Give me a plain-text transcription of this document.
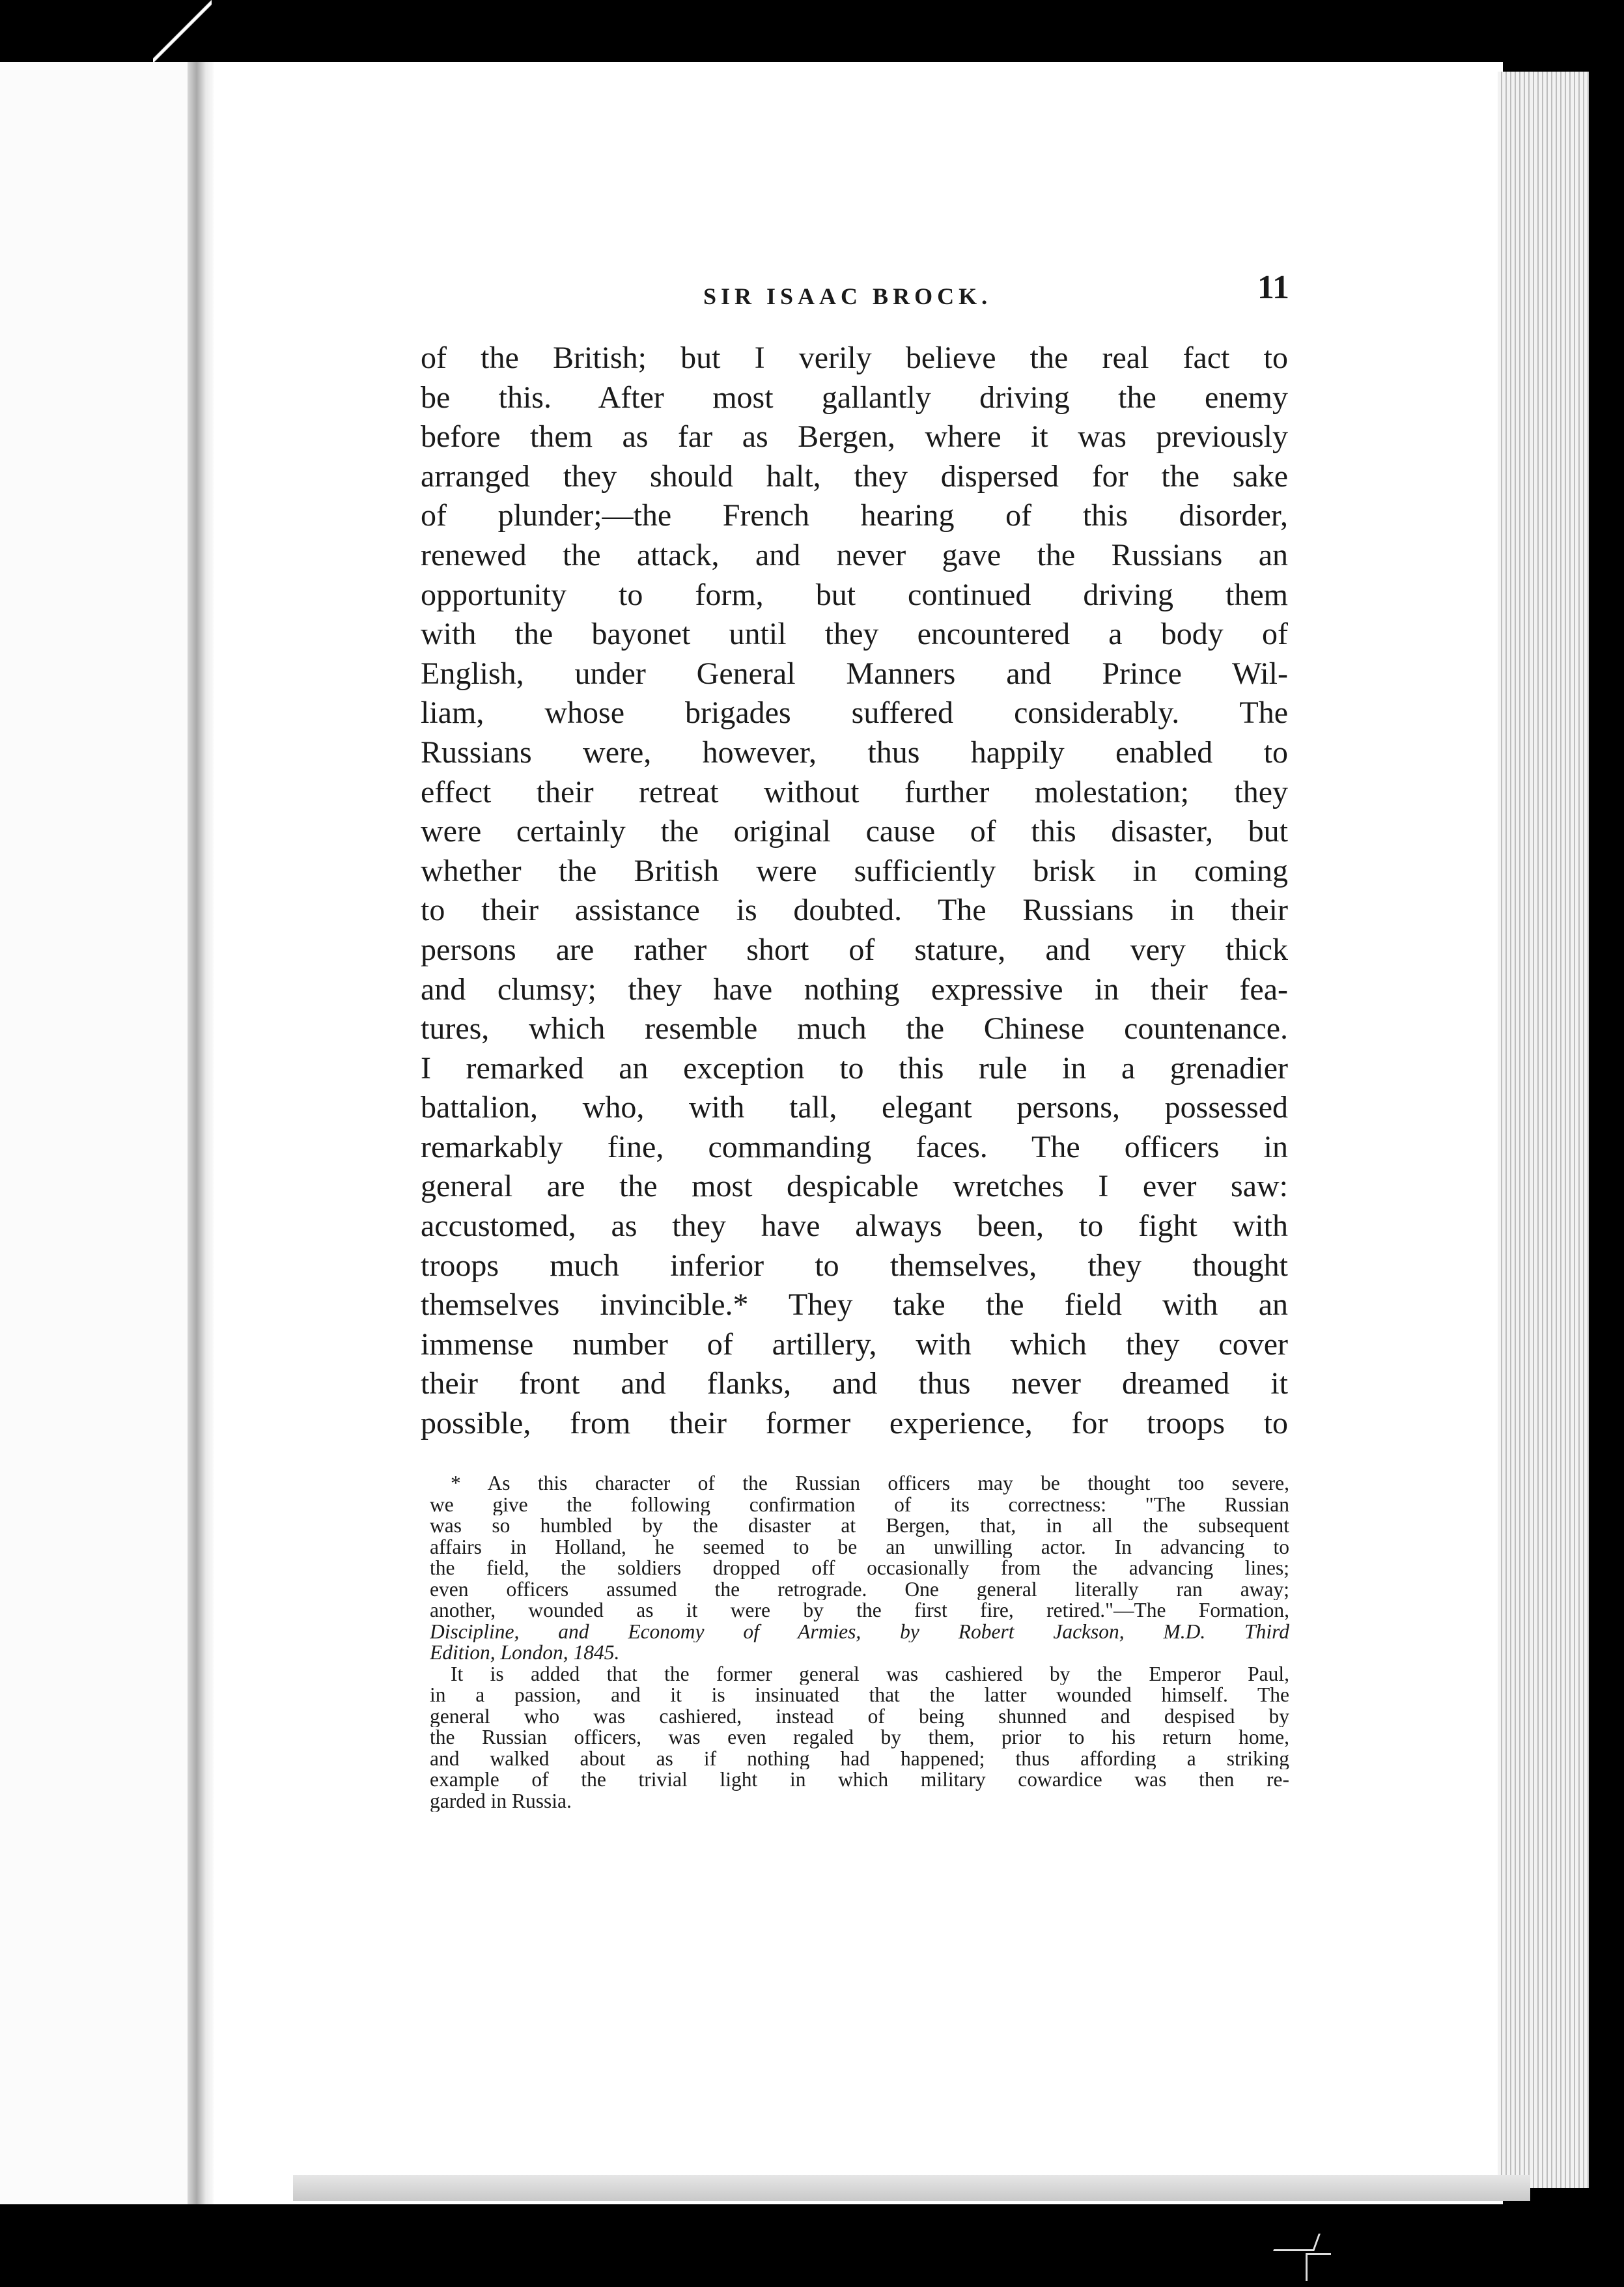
SIR ISAAC BROCK.	11
of the British; but I verily believe the real fact to
be this. After most gallantly driving the enemy
before them as far as Bergen, where it was previously
arranged they should halt, they dispersed for the sake
of plunder;—the French hearing of this disorder,
renewed the attack, and never gave the Russians an
opportunity to form, but continued driving them
with the bayonet until they encountered a body of
English, under General Manners and Prince Wil-
liam, whose brigades suffered considerably. The
Russians were, however, thus happily enabled to
effect their retreat without further molestation; they
were certainly the original cause of this disaster, but
whether the British were sufficiently brisk in coming
to their assistance is doubted. The Russians in their
persons are rather short of stature, and very thick
and clumsy; they have nothing expressive in their fea-
tures, which resemble much the Chinese countenance.
I remarked an exception to this rule in a grenadier
battalion, who, with tall, elegant persons, possessed
remarkably fine, commanding faces. The officers in
general are the most despicable wretches I ever saw:
accustomed, as they have always been, to fight with
troops much inferior to themselves, they thought
themselves invincible.* They take the field with an
immense number of artillery, with which they cover
their front and flanks, and thus never dreamed it
possible, from their former experience, for troops to
* As this character of the Russian officers may be thought too severe,
we give the following confirmation of its correctness: "The Russian
was so humbled by the disaster at Bergen, that, in all the subsequent
affairs in Holland, he seemed to be an unwilling actor. In advancing to
the field, the soldiers dropped off occasionally from the advancing lines;
even officers assumed the retrograde. One general literally ran away;
another, wounded as it were by the first fire, retired."—The Formation,
Discipline, and Economy of Armies, by Robert Jackson, M.D. Third
Edition, London, 1845.
It is added that the former general was cashiered by the Emperor Paul,
in a passion, and it is insinuated that the latter wounded himself. The
general who was cashiered, instead of being shunned and despised by
the Russian officers, was even regaled by them, prior to his return home,
and walked about as if nothing had happened; thus affording a striking
example of the trivial light in which military cowardice was then re-
garded in Russia.
